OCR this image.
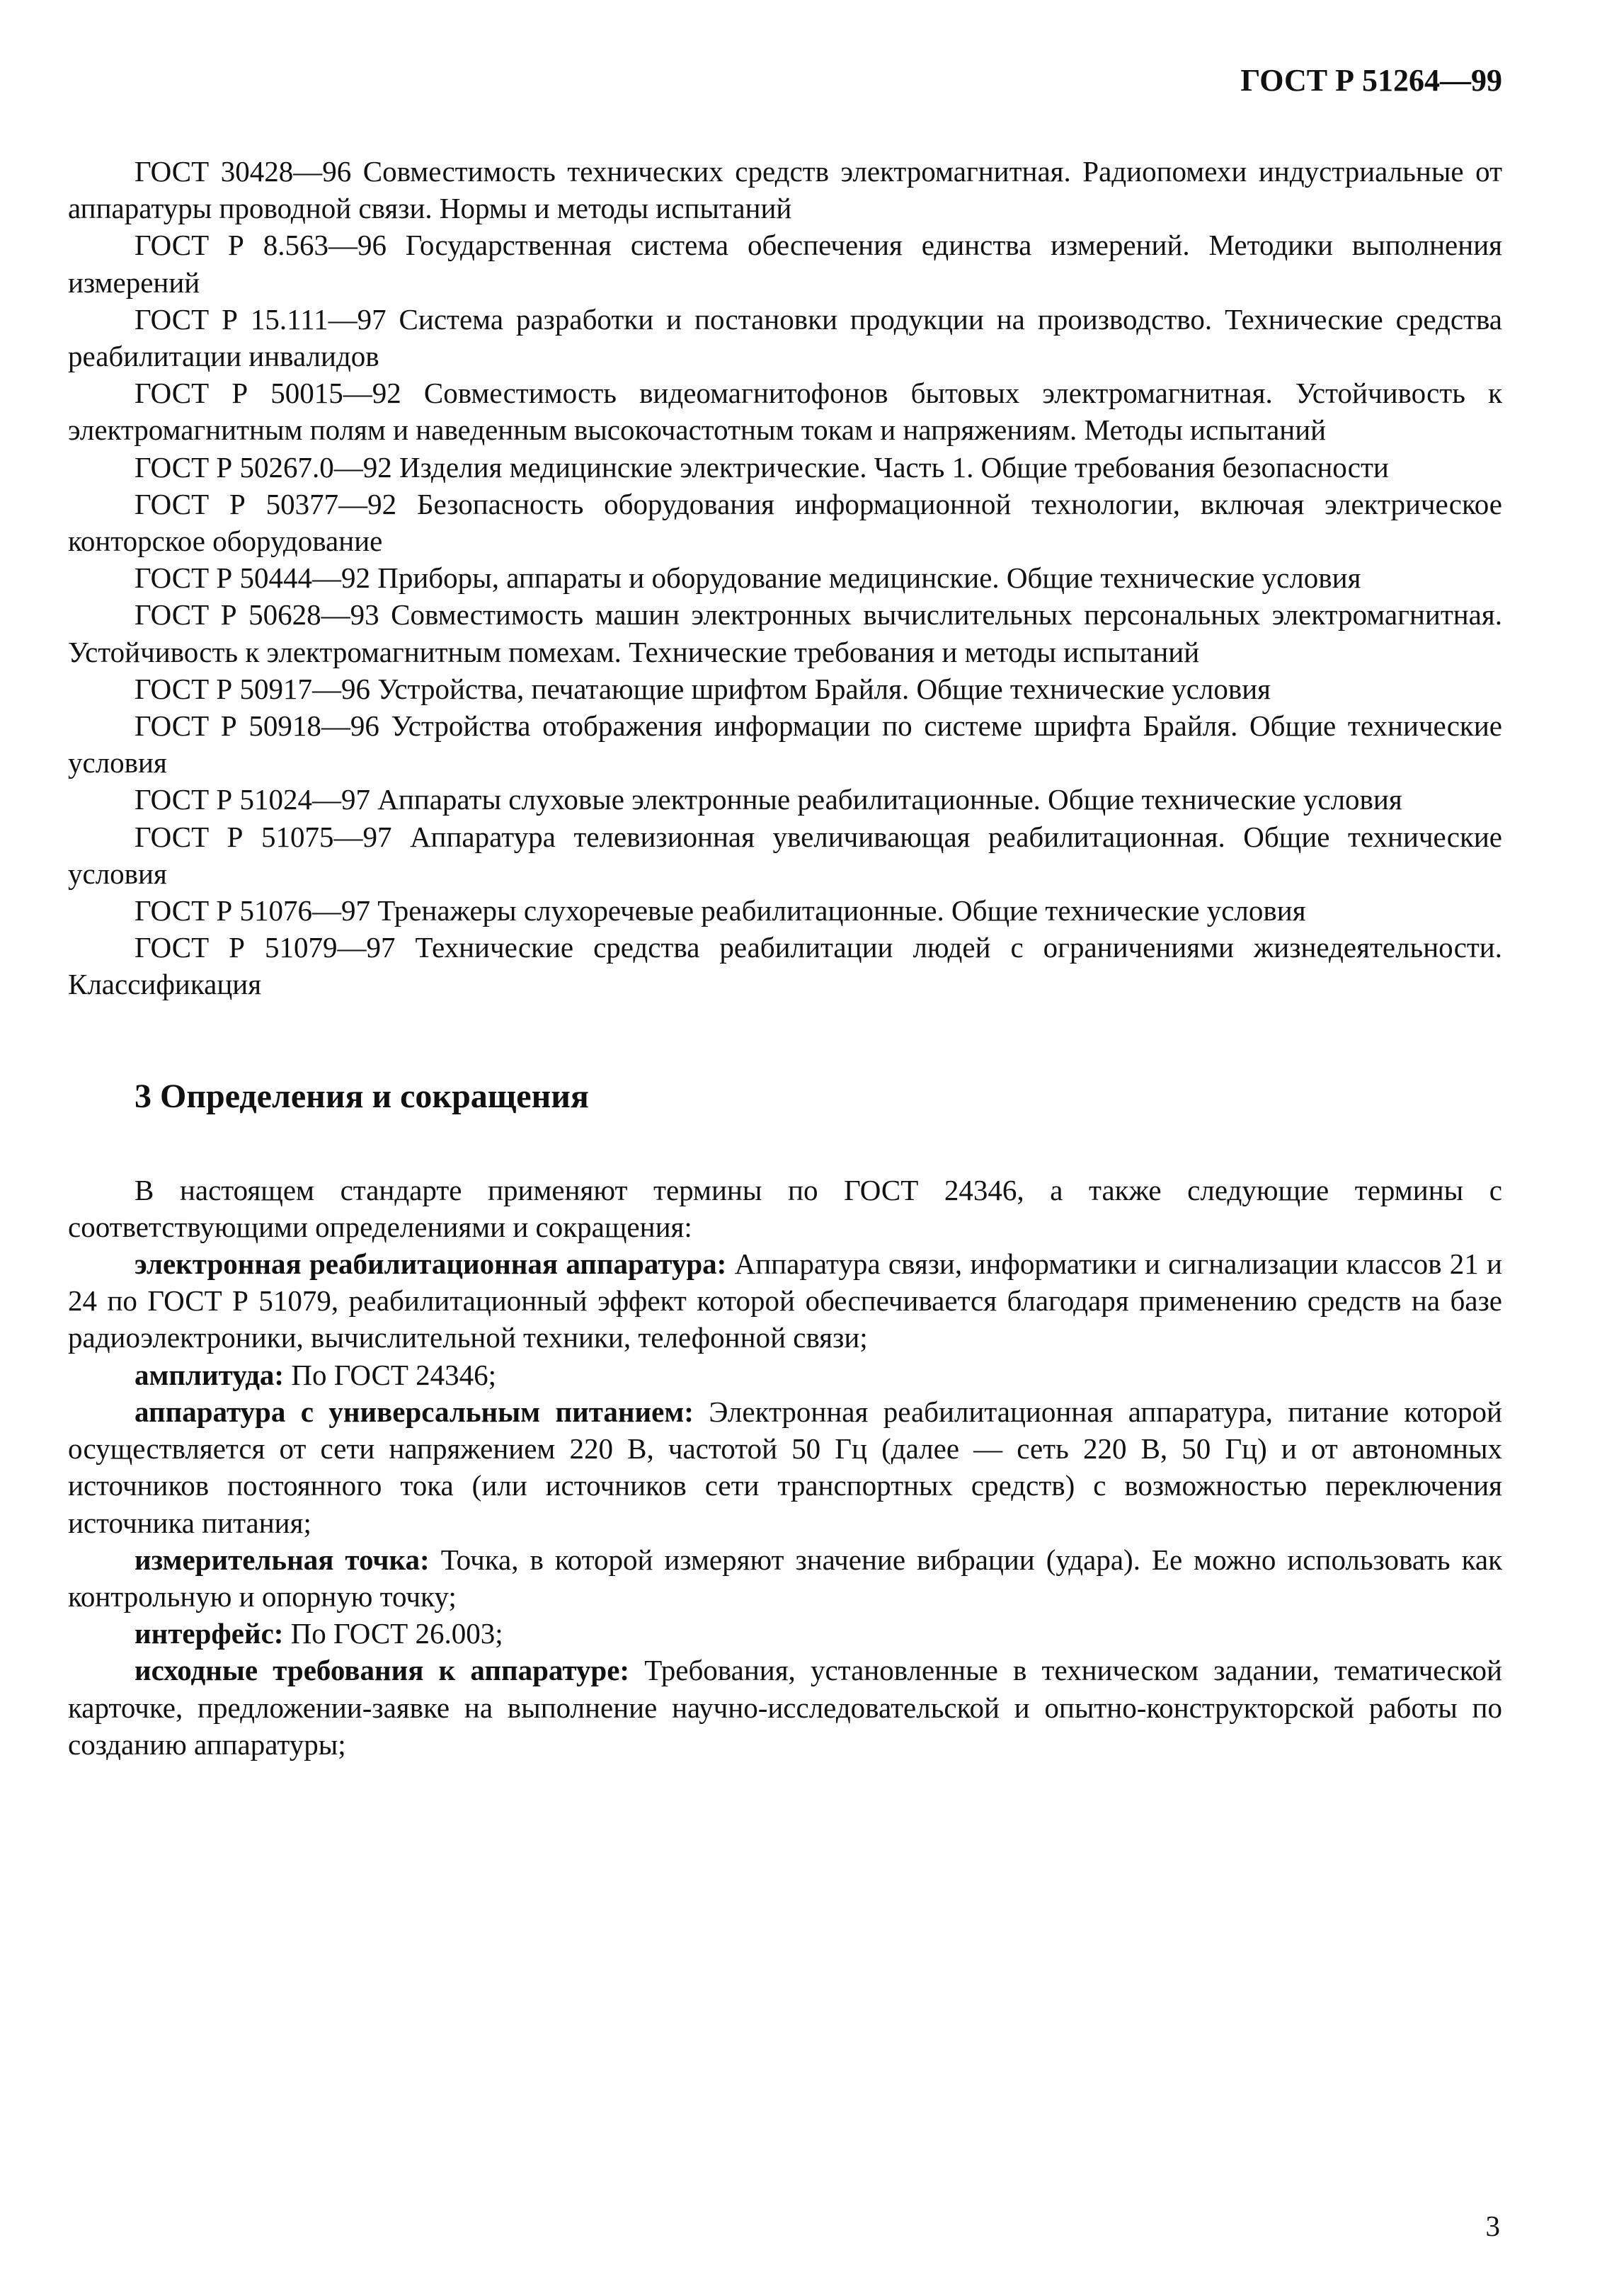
ГОСТ Р 51264—99

ГОСТ 30428—96 Совместимость технических средств электромагнитная. Радиопомехи индустриальные от аппаратуры проводной связи. Нормы и методы испытаний

ГОСТ Р 8.563—96 Государственная система обеспечения единства измерений. Методики выполнения измерений

ГОСТ Р 15.111—97 Система разработки и постановки продукции на производство. Технические средства реабилитации инвалидов

ГОСТ Р 50015—92 Совместимость видеомагнитофонов бытовых электромагнитная. Устойчивость к электромагнитным полям и наведенным высокочастотным токам и напряжениям. Методы испытаний

ГОСТ Р 50267.0—92 Изделия медицинские электрические. Часть 1. Общие требования безопасности

ГОСТ Р 50377—92 Безопасность оборудования информационной технологии, включая электрическое конторское оборудование

ГОСТ Р 50444—92 Приборы, аппараты и оборудование медицинские. Общие технические условия

ГОСТ Р 50628—93 Совместимость машин электронных вычислительных персональных электромагнитная. Устойчивость к электромагнитным помехам. Технические требования и методы испытаний

ГОСТ Р 50917—96 Устройства, печатающие шрифтом Брайля. Общие технические условия

ГОСТ Р 50918—96 Устройства отображения информации по системе шрифта Брайля. Общие технические условия

ГОСТ Р 51024—97 Аппараты слуховые электронные реабилитационные. Общие технические условия

ГОСТ Р 51075—97 Аппаратура телевизионная увеличивающая реабилитационная. Общие технические условия

ГОСТ Р 51076—97 Тренажеры слухоречевые реабилитационные. Общие технические условия

ГОСТ Р 51079—97 Технические средства реабилитации людей с ограничениями жизнедеятельности. Классификация

3 Определения и сокращения

В настоящем стандарте применяют термины по ГОСТ 24346, а также следующие термины с соответствующими определениями и сокращения:

электронная реабилитационная аппаратура: Аппаратура связи, информатики и сигнализации классов 21 и 24 по ГОСТ Р 51079, реабилитационный эффект которой обеспечивается благодаря применению средств на базе радиоэлектроники, вычислительной техники, телефонной связи;

амплитуда: По ГОСТ 24346;

аппаратура с универсальным питанием: Электронная реабилитационная аппаратура, питание которой осуществляется от сети напряжением 220 В, частотой 50 Гц (далее — сеть 220 В, 50 Гц) и от автономных источников постоянного тока (или источников сети транспортных средств) с возможностью переключения источника питания;

измерительная точка: Точка, в которой измеряют значение вибрации (удара). Ее можно использовать как контрольную и опорную точку;

интерфейс: По ГОСТ 26.003;

исходные требования к аппаратуре: Требования, установленные в техническом задании, тематической карточке, предложении-заявке на выполнение научно-исследовательской и опытно-конструкторской работы по созданию аппаратуры;

3
